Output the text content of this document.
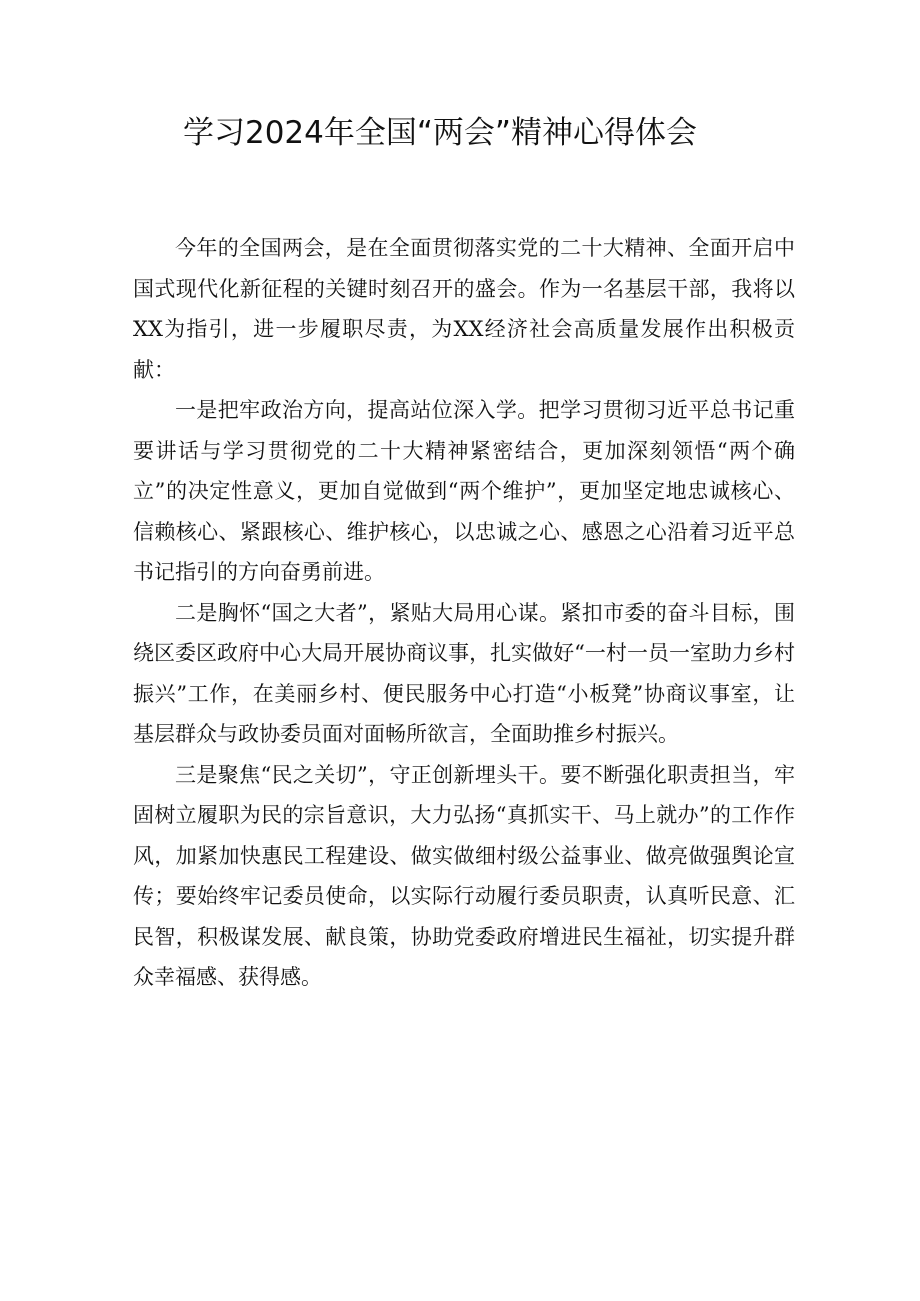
学习2024年全国“两会”精神心得体会

今年的全国两会，是在全面贯彻落实党的二十大精神、全面开启中国式现代化新征程的关键时刻召开的盛会。作为一名基层干部，我将以XX为指引，进一步履职尽责，为XX经济社会高质量发展作出积极贡献：

一是把牢政治方向，提高站位深入学。把学习贯彻习近平总书记重要讲话与学习贯彻党的二十大精神紧密结合，更加深刻领悟“两个确立”的决定性意义，更加自觉做到“两个维护”，更加坚定地忠诚核心、信赖核心、紧跟核心、维护核心，以忠诚之心、感恩之心沿着习近平总书记指引的方向奋勇前进。

二是胸怀“国之大者”，紧贴大局用心谋。紧扣市委的奋斗目标，围绕区委区政府中心大局开展协商议事，扎实做好“一村一员一室助力乡村振兴”工作，在美丽乡村、便民服务中心打造“小板凳”协商议事室，让基层群众与政协委员面对面畅所欲言，全面助推乡村振兴。

三是聚焦“民之关切”，守正创新埋头干。要不断强化职责担当，牢固树立履职为民的宗旨意识，大力弘扬“真抓实干、马上就办”的工作作风，加紧加快惠民工程建设、做实做细村级公益事业、做亮做强舆论宣传；要始终牢记委员使命，以实际行动履行委员职责，认真听民意、汇民智，积极谋发展、献良策，协助党委政府增进民生福祉，切实提升群众幸福感、获得感。
